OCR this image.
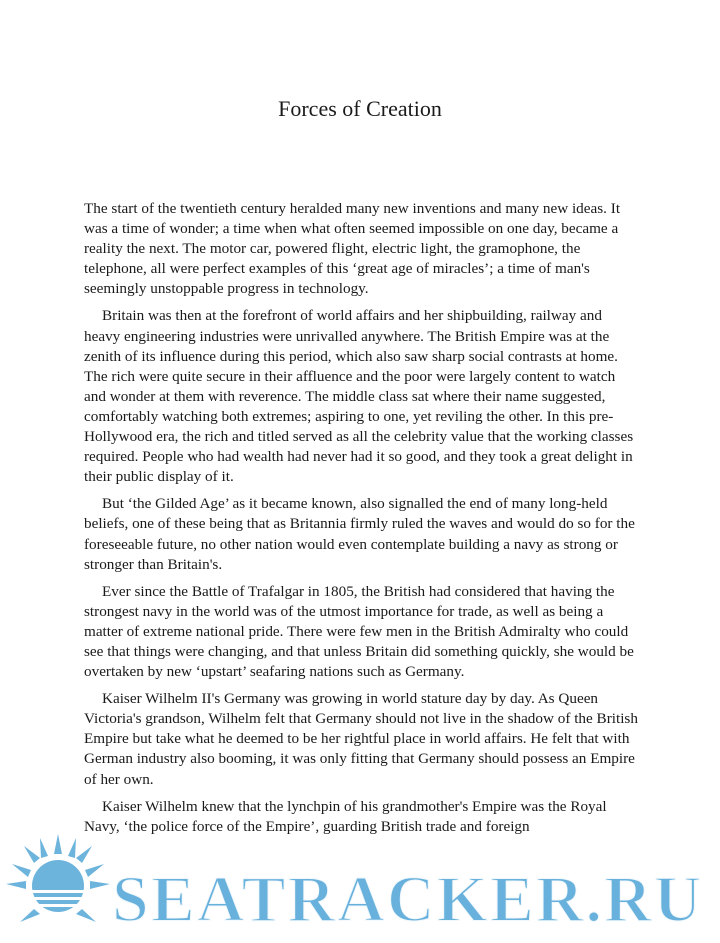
Forces of Creation

The start of the twentieth century heralded many new inventions and many new ideas. It was a time of wonder; a time when what often seemed impossible on one day, became a reality the next. The motor car, powered flight, electric light, the gramophone, the telephone, all were perfect examples of this ‘great age of miracles’; a time of man's seemingly unstoppable progress in technology.

Britain was then at the forefront of world affairs and her shipbuilding, railway and heavy engineering industries were unrivalled anywhere. The British Empire was at the zenith of its influence during this period, which also saw sharp social contrasts at home. The rich were quite secure in their affluence and the poor were largely content to watch and wonder at them with reverence. The middle class sat where their name suggested, comfortably watching both extremes; aspiring to one, yet reviling the other. In this pre-Hollywood era, the rich and titled served as all the celebrity value that the working classes required. People who had wealth had never had it so good, and they took a great delight in their public display of it.

But ‘the Gilded Age’ as it became known, also signalled the end of many long-held beliefs, one of these being that as Britannia firmly ruled the waves and would do so for the foreseeable future, no other nation would even contemplate building a navy as strong or stronger than Britain's.

Ever since the Battle of Trafalgar in 1805, the British had considered that having the strongest navy in the world was of the utmost importance for trade, as well as being a matter of extreme national pride. There were few men in the British Admiralty who could see that things were changing, and that unless Britain did something quickly, she would be overtaken by new ‘upstart’ seafaring nations such as Germany.

Kaiser Wilhelm II's Germany was growing in world stature day by day. As Queen Victoria's grandson, Wilhelm felt that Germany should not live in the shadow of the British Empire but take what he deemed to be her rightful place in world affairs. He felt that with German industry also booming, it was only fitting that Germany should possess an Empire of her own.

Kaiser Wilhelm knew that the lynchpin of his grandmother's Empire was the Royal Navy, ‘the police force of the Empire’, guarding British trade and foreign

SEATRACKER.RU
